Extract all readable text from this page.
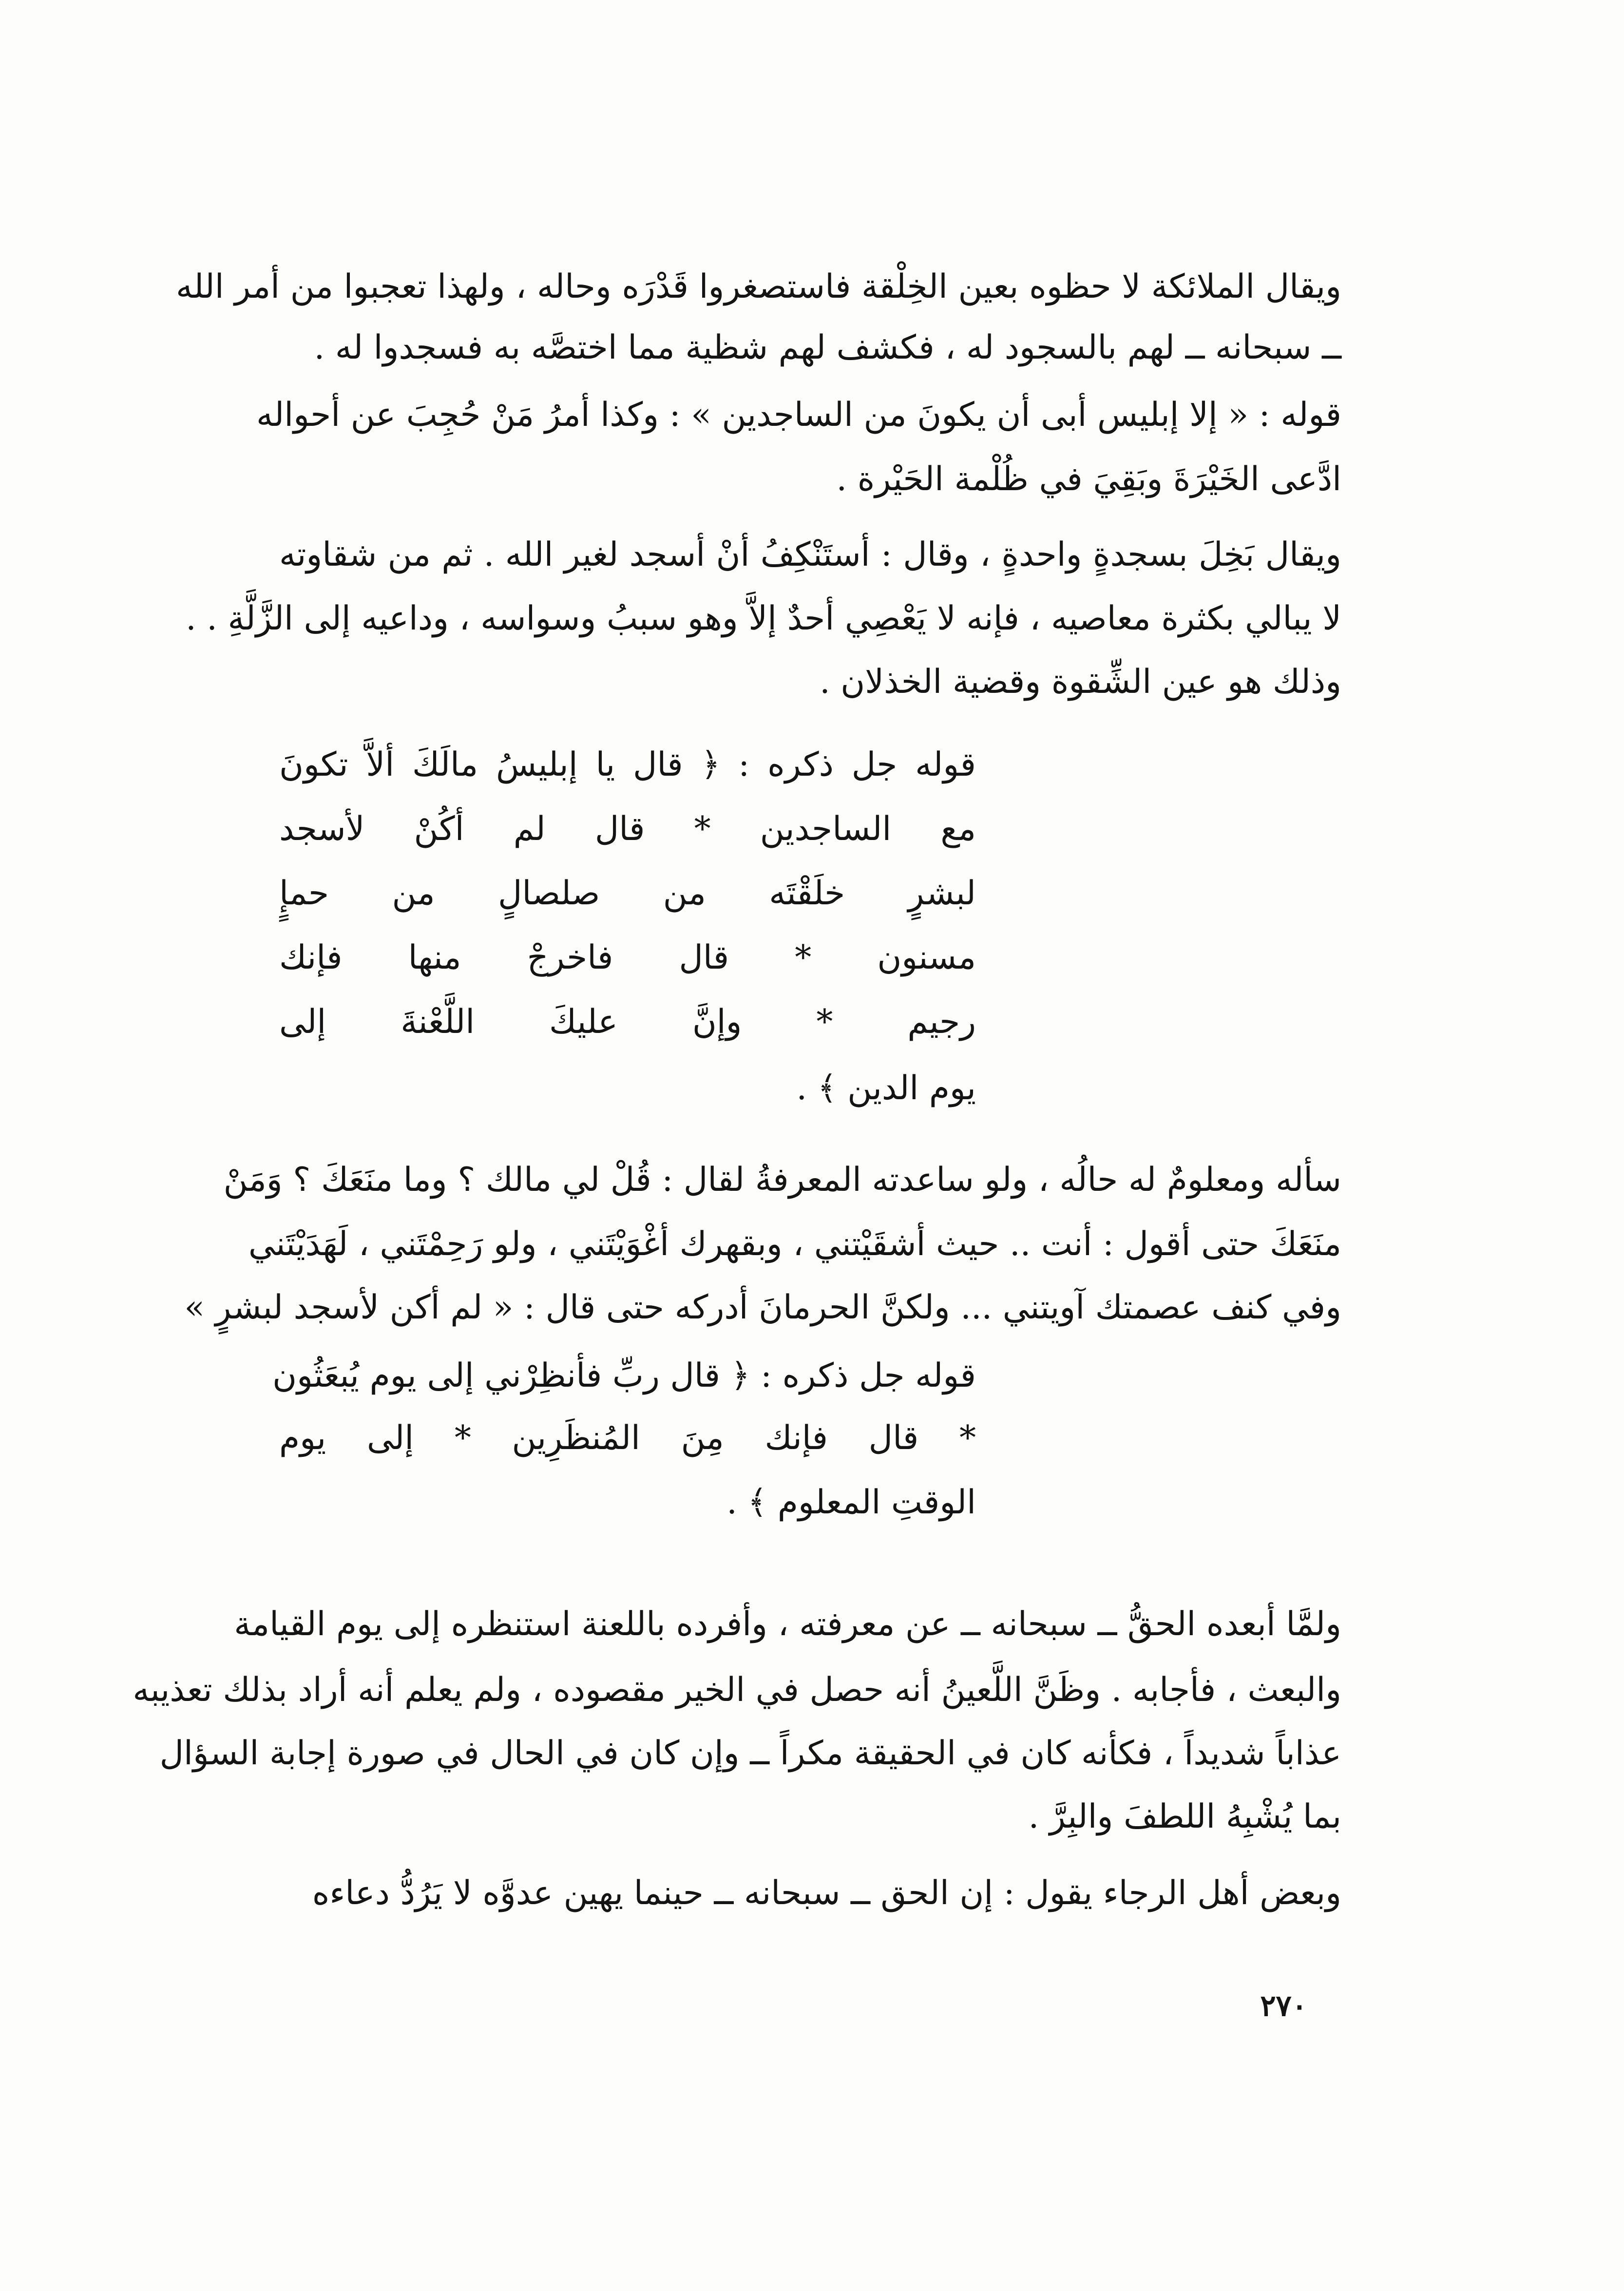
ويقال الملائكة لا حظوه بعين الخِلْقة فاستصغروا قَدْرَه وحاله ، ولهذا تعجبوا من أمر الله
ــ سبحانه ــ لهم بالسجود له ، فكشف لهم شظية مما اختصَّه به فسجدوا له .
قوله : « إلا إبليس أبى أن يكونَ من الساجدين » : وكذا أمرُ مَنْ حُجِبَ عن أحواله
ادَّعى الخَيْرَةَ وبَقِيَ في ظُلْمة الحَيْرة .
ويقال بَخِلَ بسجدةٍ واحدةٍ ، وقال : أستَنْكِفُ أنْ أسجد لغير الله . ثم من شقاوته
لا يبالي بكثرة معاصيه ، فإنه لا يَعْصِي أحدٌ إلاَّ وهو سببُ وسواسه ، وداعيه إلى الزَّلَّةِ . .
وذلك هو عين الشِّقوة وقضية الخذلان .
قوله جل ذكره : ﴿ قال يا إبليسُ مالَكَ ألاَّ تكونَ
مع الساجدين * قال لم أكُنْ لأسجد
لبشرٍ خلَقْتَه من صلصالٍ من حمإٍ
مسنون * قال فاخرجْ منها فإنك
رجيم * وإنَّ عليكَ اللَّعْنةَ إلى
يوم الدين ﴾ .
سأله ومعلومٌ له حالُه ، ولو ساعدته المعرفةُ لقال : قُلْ لي مالك ؟ وما منَعَكَ ؟ وَمَنْ
منَعَكَ حتى أقول : أنت .. حيث أشقَيْتني ، وبقهرك أغْوَيْتَني ، ولو رَحِمْتَني ، لَهَدَيْتَني
وفي كنف عصمتك آويتني ... ولكنَّ الحرمانَ أدركه حتى قال : « لم أكن لأسجد لبشرٍ »
قوله جل ذكره : ﴿ قال ربِّ فأنظِرْني إلى يوم يُبعَثُون
* قال فإنك مِنَ المُنظَرِين * إلى يوم
الوقتِ المعلوم ﴾ .
ولمَّا أبعده الحقُّ ــ سبحانه ــ عن معرفته ، وأفرده باللعنة استنظره إلى يوم القيامة
والبعث ، فأجابه . وظَنَّ اللَّعينُ أنه حصل في الخير مقصوده ، ولم يعلم أنه أراد بذلك تعذيبه
عذاباً شديداً ، فكأنه كان في الحقيقة مكراً ــ وإن كان في الحال في صورة إجابة السؤال
بما يُشْبِهُ اللطفَ والبِرَّ .
وبعض أهل الرجاء يقول : إن الحق ــ سبحانه ــ حينما يهين عدوَّه لا يَرُدُّ دعاءه
٢٧٠
